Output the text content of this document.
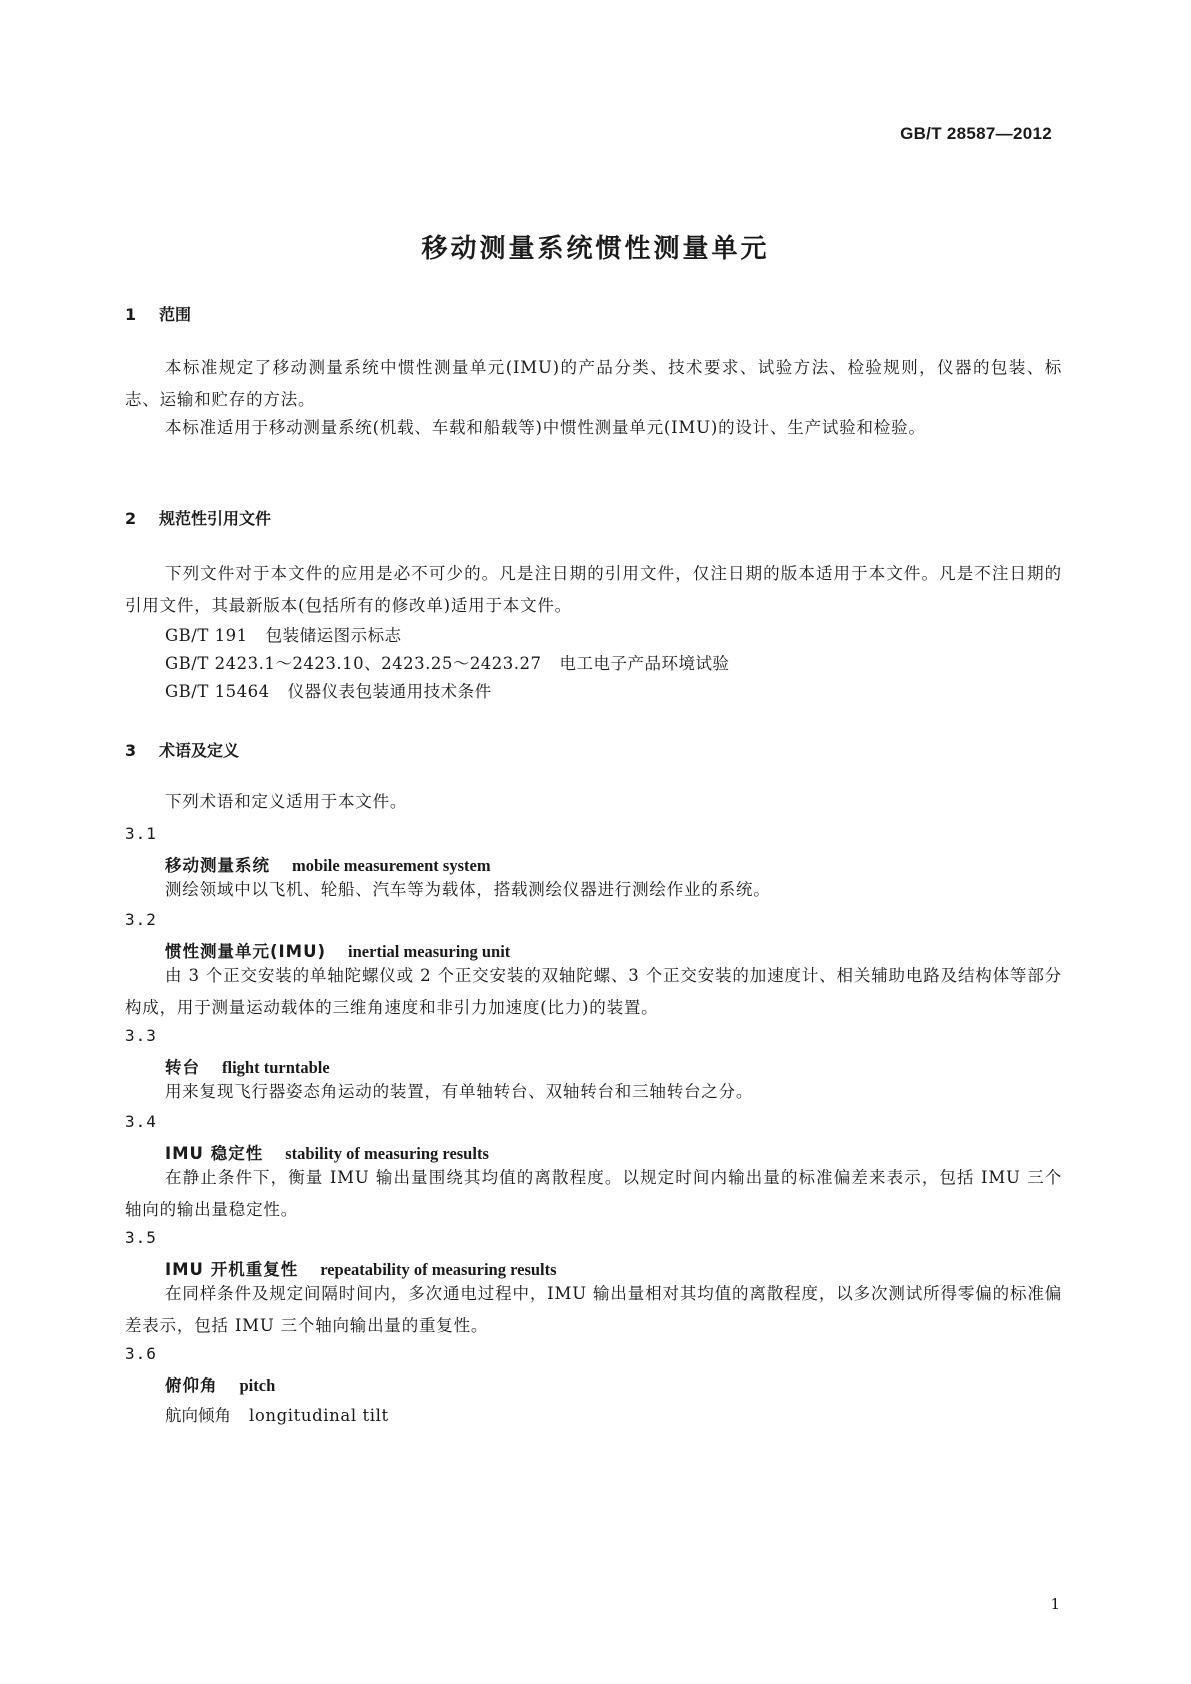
GB/T 28587—2012
移动测量系统惯性测量单元
1 范围
本标准规定了移动测量系统中惯性测量单元(IMU)的产品分类、技术要求、试验方法、检验规则，仪器的包装、标志、运输和贮存的方法。
本标准适用于移动测量系统(机载、车载和船载等)中惯性测量单元(IMU)的设计、生产试验和检验。
2 规范性引用文件
下列文件对于本文件的应用是必不可少的。凡是注日期的引用文件，仅注日期的版本适用于本文件。凡是不注日期的引用文件，其最新版本(包括所有的修改单)适用于本文件。
GB/T 191 包装储运图示标志
GB/T 2423.1～2423.10、2423.25～2423.27 电工电子产品环境试验
GB/T 15464 仪器仪表包装通用技术条件
3 术语及定义
下列术语和定义适用于本文件。
3.1
移动测量系统 mobile measurement system
测绘领域中以飞机、轮船、汽车等为载体，搭载测绘仪器进行测绘作业的系统。
3.2
惯性测量单元(IMU) inertial measuring unit
由 3 个正交安装的单轴陀螺仪或 2 个正交安装的双轴陀螺、3 个正交安装的加速度计、相关辅助电路及结构体等部分构成，用于测量运动载体的三维角速度和非引力加速度(比力)的装置。
3.3
转台 flight turntable
用来复现飞行器姿态角运动的装置，有单轴转台、双轴转台和三轴转台之分。
3.4
IMU 稳定性 stability of measuring results
在静止条件下，衡量 IMU 输出量围绕其均值的离散程度。以规定时间内输出量的标准偏差来表示，包括 IMU 三个轴向的输出量稳定性。
3.5
IMU 开机重复性 repeatability of measuring results
在同样条件及规定间隔时间内，多次通电过程中，IMU 输出量相对其均值的离散程度，以多次测试所得零偏的标准偏差表示，包括 IMU 三个轴向输出量的重复性。
3.6
俯仰角 pitch
航向倾角 longitudinal tilt
1
